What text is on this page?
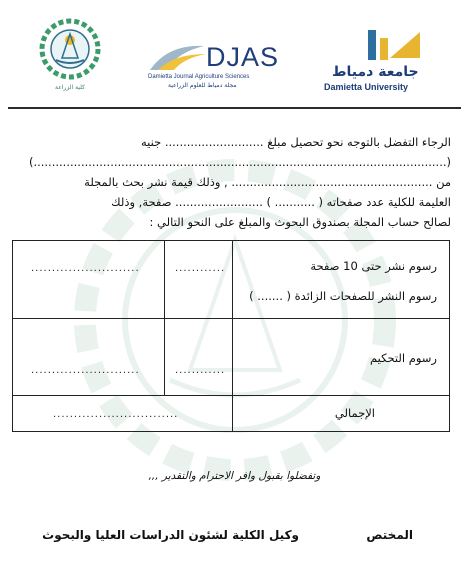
كلية الزراعة
DJAS
Damietta Journal Agriculture Sciences
مجلة دمياط للعلوم الزراعية
جامعة دمياط
Damietta University
الرجاء التفضل بالتوجه نحو تحصيل مبلغ ........................... جنيه
(.................................................................................................................)
من ....................................................... , وذلك قيمة نشر بحث بالمجلة
العليمة للكلية عدد صفحاته ( ........... ) ........................ صفحة, وذلك
لصالح حساب المجلة بصندوق البحوث والمبلغ على النحو التالي :
رسوم نشر حتى 10 صفحة
رسوم النشر للصفحات الزائدة ( ....... )
............
..........................
رسوم التحكيم
............
..........................
الإجمالي
..............................
وتفضلوا بقبول وافر الاحترام والتقدير ,,,
المختص
وكيل الكلية لشئون الدراسات العليا والبحوث
